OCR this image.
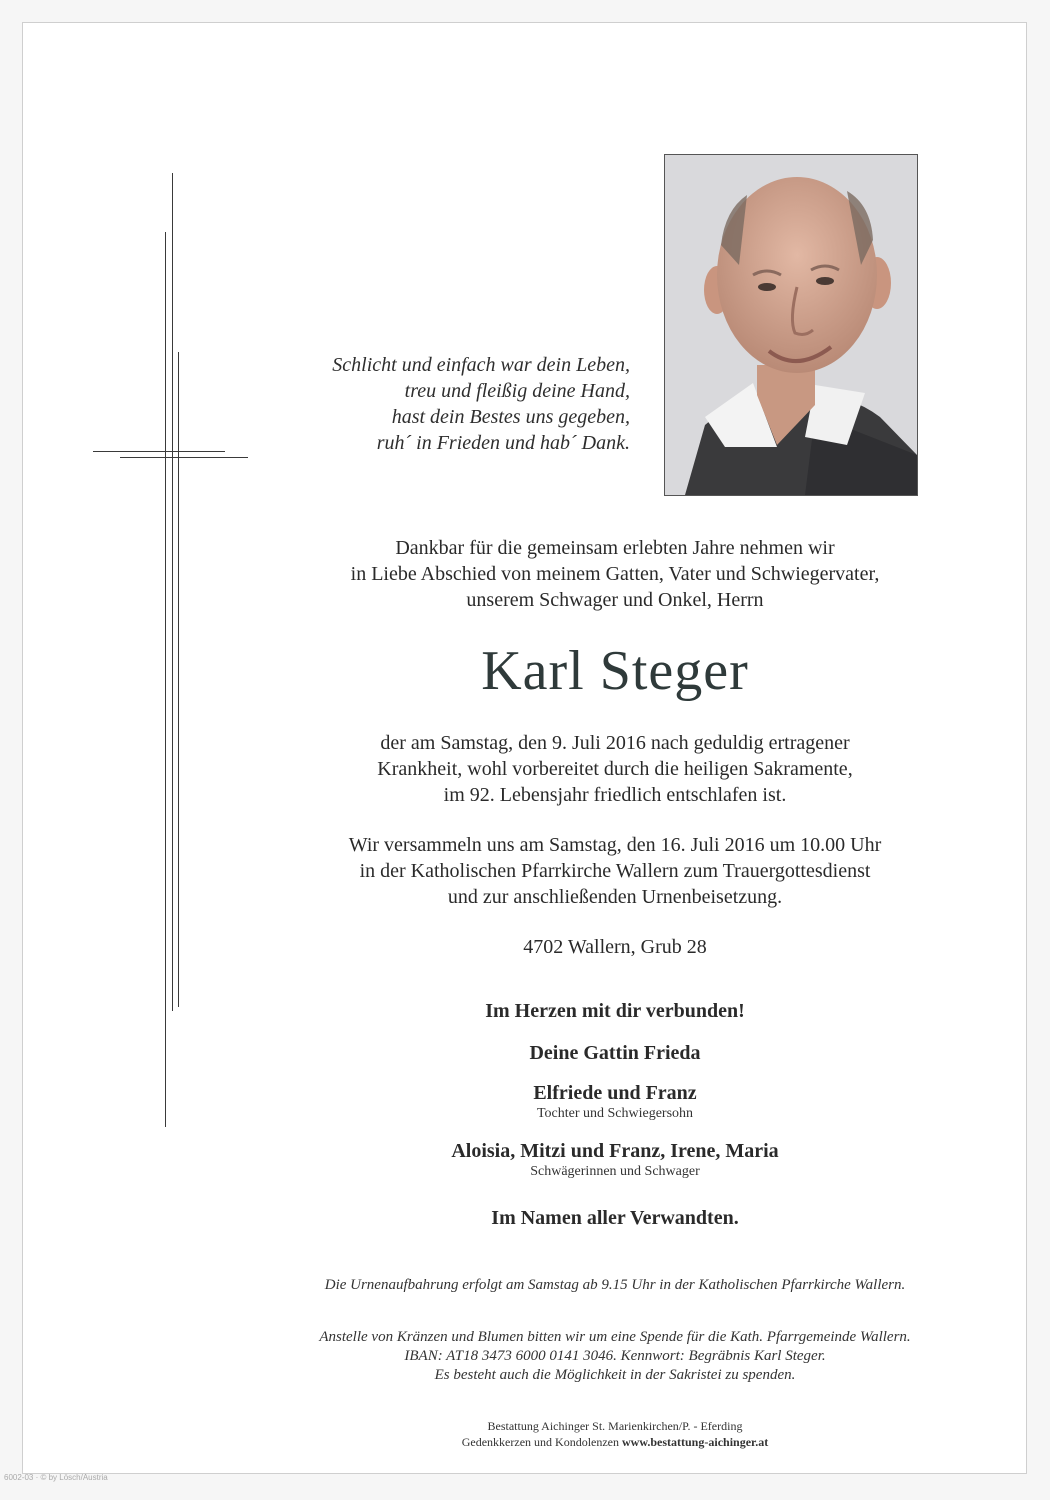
Schlicht und einfach war dein Leben,
treu und fleißig deine Hand,
hast dein Bestes uns gegeben,
ruh´ in Frieden und hab´ Dank.
Dankbar für die gemeinsam erlebten Jahre nehmen wir
in Liebe Abschied von meinem Gatten, Vater und Schwiegervater,
unserem Schwager und Onkel, Herrn
Karl Steger
der am Samstag, den 9. Juli 2016 nach geduldig ertragener
Krankheit, wohl vorbereitet durch die heiligen Sakramente,
im 92. Lebensjahr friedlich entschlafen ist.
Wir versammeln uns am Samstag, den 16. Juli 2016 um 10.00 Uhr
in der Katholischen Pfarrkirche Wallern zum Trauergottesdienst
und zur anschließenden Urnenbeisetzung.
4702 Wallern, Grub 28
Im Herzen mit dir verbunden!
Deine Gattin Frieda
Elfriede und Franz
Tochter und Schwiegersohn
Aloisia, Mitzi und Franz, Irene, Maria
Schwägerinnen und Schwager
Im Namen aller Verwandten.
Die Urnenaufbahrung erfolgt am Samstag ab 9.15 Uhr in der Katholischen Pfarrkirche Wallern.
Anstelle von Kränzen und Blumen bitten wir um eine Spende für die Kath. Pfarrgemeinde Wallern.
IBAN: AT18 3473 6000 0141 3046. Kennwort: Begräbnis Karl Steger.
Es besteht auch die Möglichkeit in der Sakristei zu spenden.
Bestattung Aichinger St. Marienkirchen/P. - Eferding
Gedenkkerzen und Kondolenzen www.bestattung-aichinger.at
6002-03 · © by Lösch/Austria
